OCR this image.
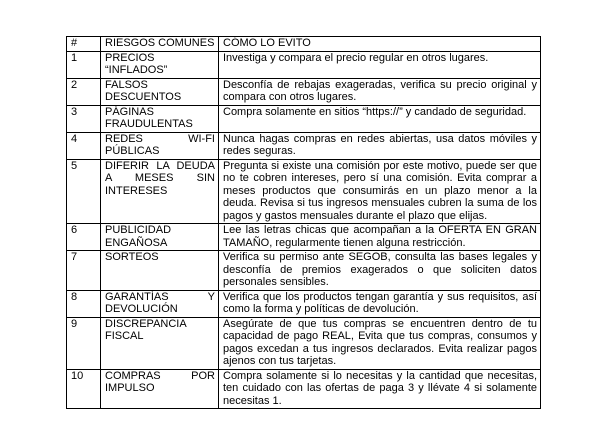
#	RIESGOS COMUNES	CÓMO LO EVITO
1	PRECIOS “INFLADOS”	Investiga y compara el precio regular en otros lugares.
2	FALSOS DESCUENTOS	Desconfía de rebajas exageradas, verifica su precio original y compara con otros lugares.
3	PÁGINAS FRAUDULENTAS	Compra solamente en sitios “https://” y candado de seguridad.
4	REDES WI-FI PÚBLICAS	Nunca hagas compras en redes abiertas, usa datos móviles y redes seguras.
5	DIFERIR LA DEUDA A MESES SIN INTERESES	Pregunta si existe una comisión por este motivo, puede ser que no te cobren intereses, pero sí una comisión. Evita comprar a meses productos que consumirás en un plazo menor a la deuda. Revisa si tus ingresos mensuales cubren la suma de los pagos y gastos mensuales durante el plazo que elijas.
6	PUBLICIDAD ENGAÑOSA	Lee las letras chicas que acompañan a la OFERTA EN GRAN TAMAÑO, regularmente tienen alguna restricción.
7	SORTEOS	Verifica su permiso ante SEGOB, consulta las bases legales y desconfía de premios exagerados o que soliciten datos personales sensibles.
8	GARANTÍAS Y DEVOLUCIÓN	Verifica que los productos tengan garantía y sus requisitos, así como la forma y políticas de devolución.
9	DISCREPANCIA FISCAL	Asegúrate de que tus compras se encuentren dentro de tu capacidad de pago REAL, Evita que tus compras, consumos y pagos excedan a tus ingresos declarados. Evita realizar pagos ajenos con tus tarjetas.
10	COMPRAS POR IMPULSO	Compra solamente si lo necesitas y la cantidad que necesitas, ten cuidado con las ofertas de paga 3 y llévate 4 si solamente necesitas 1.
